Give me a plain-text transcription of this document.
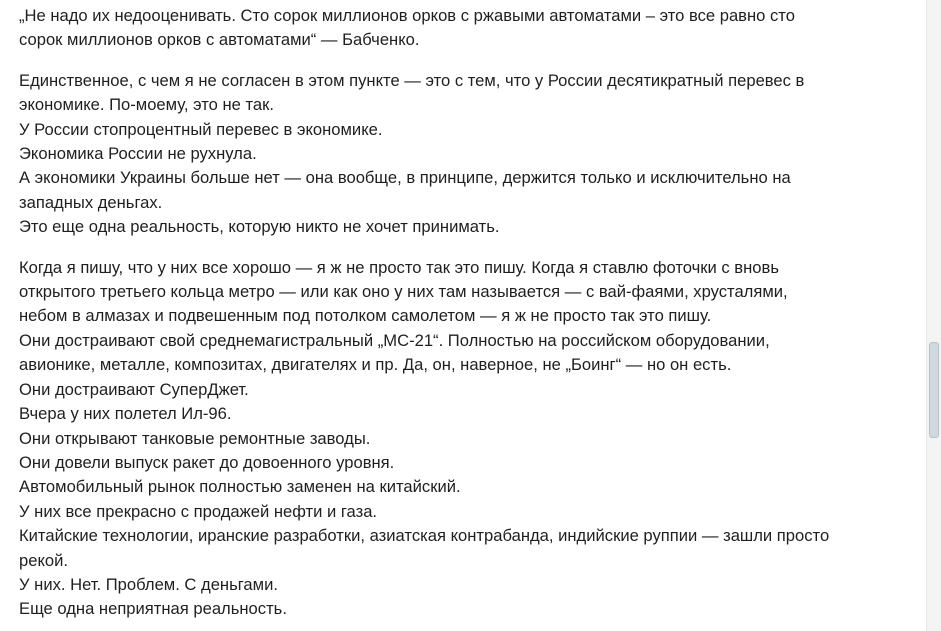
„Не надо их недооценивать. Сто сорок миллионов орков с ржавыми автоматами – это все равно сто
сорок миллионов орков с автоматами“ — Бабченко.

Единственное, с чем я не согласен в этом пункте — это с тем, что у России десятикратный перевес в
экономике. По-моему, это не так.
У России стопроцентный перевес в экономике.
Экономика России не рухнула.
А экономики Украины больше нет — она вообще, в принципе, держится только и исключительно на
западных деньгах.
Это еще одна реальность, которую никто не хочет принимать.

Когда я пишу, что у них все хорошо — я ж не просто так это пишу. Когда я ставлю фоточки с вновь
открытого третьего кольца метро — или как оно у них там называется — с вай-фаями, хрусталями,
небом в алмазах и подвешенным под потолком самолетом — я ж не просто так это пишу.
Они достраивают свой среднемагистральный „МС-21“. Полностью на российском оборудовании,
авионике, металле, композитах, двигателях и пр. Да, он, наверное, не „Боинг“ — но он есть.
Они достраивают СуперДжет.
Вчера у них полетел Ил-96.
Они открывают танковые ремонтные заводы.
Они довели выпуск ракет до довоенного уровня.
Автомобильный рынок полностью заменен на китайский.
У них все прекрасно с продажей нефти и газа.
Китайские технологии, иранские разработки, азиатская контрабанда, индийские руппии — зашли просто
рекой.
У них. Нет. Проблем. С деньгами.
Еще одна неприятная реальность.
